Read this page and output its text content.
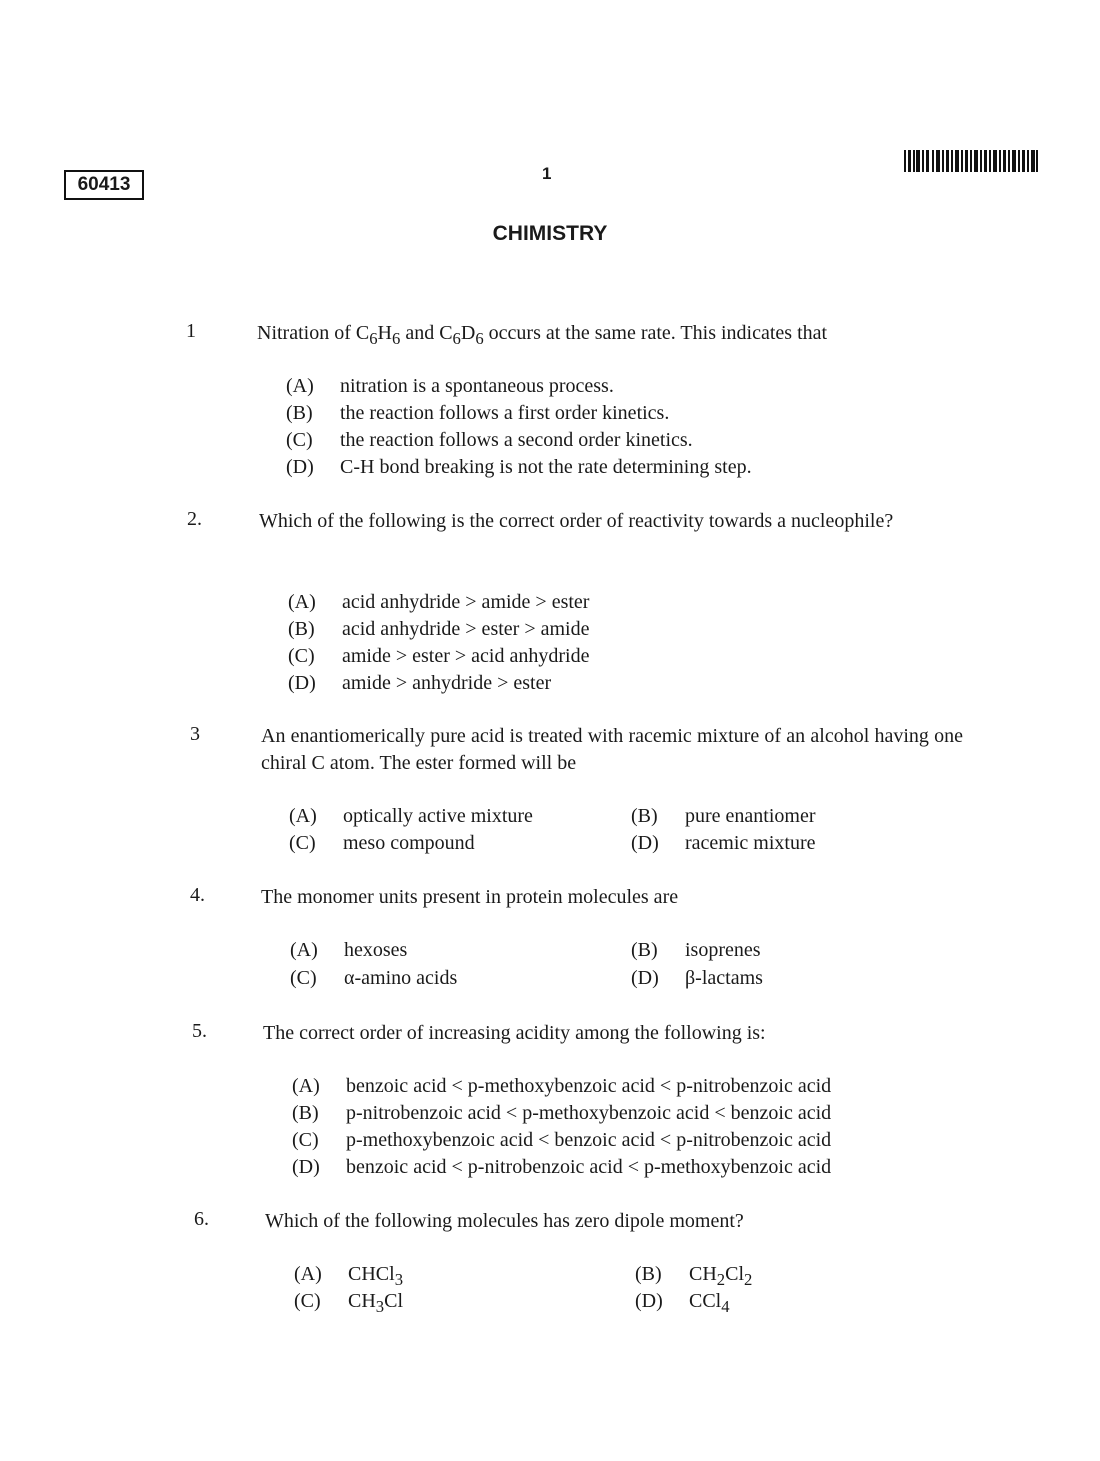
60413
1
CHIMISTRY
1	Nitration of $C_6H_6$ and $C_6D_6$ occurs at the same rate. This indicates that
(A) nitration is a spontaneous process.
(B) the reaction follows a first order kinetics.
(C) the reaction follows a second order kinetics.
(D) C-H bond breaking is not the rate determining step.
2.	Which of the following is the correct order of reactivity towards a nucleophile?
(A) acid anhydride > amide > ester
(B) acid anhydride > ester > amide
(C) amide > ester > acid anhydride
(D) amide > anhydride > ester
3	An enantiomerically pure acid is treated with racemic mixture of an alcohol having one chiral C atom. The ester formed will be
(A) optically active mixture	(B) pure enantiomer
(C) meso compound	(D) racemic mixture
4.	The monomer units present in protein molecules are
(A) hexoses	(B) isoprenes
(C) α-amino acids	(D) β-lactams
5.	The correct order of increasing acidity among the following is:
(A) benzoic acid < p-methoxybenzoic acid < p-nitrobenzoic acid
(B) p-nitrobenzoic acid < p-methoxybenzoic acid < benzoic acid
(C) p-methoxybenzoic acid < benzoic acid < p-nitrobenzoic acid
(D) benzoic acid < p-nitrobenzoic acid < p-methoxybenzoic acid
6.	Which of the following molecules has zero dipole moment?
(A) CHCl$_3$	(B) $CH_2Cl_2$
(C) $CH_3Cl$	(D) CCl$_4$
